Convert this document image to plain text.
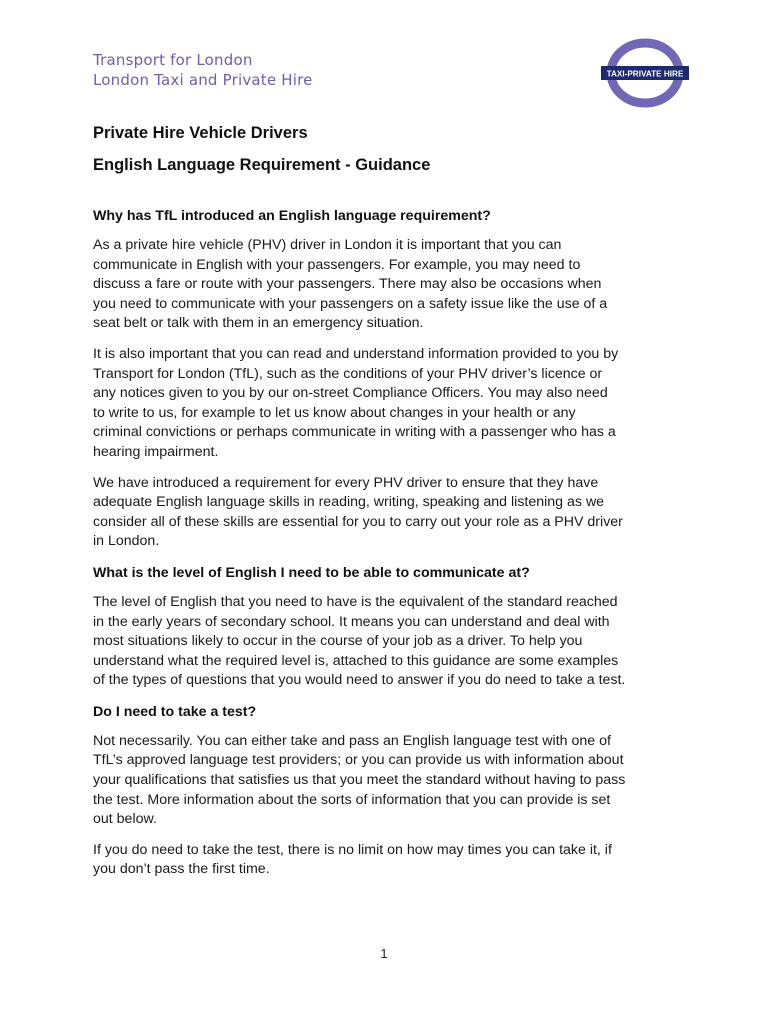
Transport for London
London Taxi and Private Hire	TAXI-PRIVATE HIRE
Private Hire Vehicle Drivers
English Language Requirement - Guidance
Why has TfL introduced an English language requirement?

As a private hire vehicle (PHV) driver in London it is important that you can
communicate in English with your passengers. For example, you may need to
discuss a fare or route with your passengers. There may also be occasions when
you need to communicate with your passengers on a safety issue like the use of a
seat belt or talk with them in an emergency situation.

It is also important that you can read and understand information provided to you by
Transport for London (TfL), such as the conditions of your PHV driver’s licence or
any notices given to you by our on-street Compliance Officers. You may also need
to write to us, for example to let us know about changes in your health or any
criminal convictions or perhaps communicate in writing with a passenger who has a
hearing impairment.

We have introduced a requirement for every PHV driver to ensure that they have
adequate English language skills in reading, writing, speaking and listening as we
consider all of these skills are essential for you to carry out your role as a PHV driver
in London.

What is the level of English I need to be able to communicate at?

The level of English that you need to have is the equivalent of the standard reached
in the early years of secondary school. It means you can understand and deal with
most situations likely to occur in the course of your job as a driver. To help you
understand what the required level is, attached to this guidance are some examples
of the types of questions that you would need to answer if you do need to take a test.

Do I need to take a test?

Not necessarily. You can either take and pass an English language test with one of
TfL’s approved language test providers; or you can provide us with information about
your qualifications that satisfies us that you meet the standard without having to pass
the test. More information about the sorts of information that you can provide is set
out below.

If you do need to take the test, there is no limit on how may times you can take it, if
you don’t pass the first time.

1
